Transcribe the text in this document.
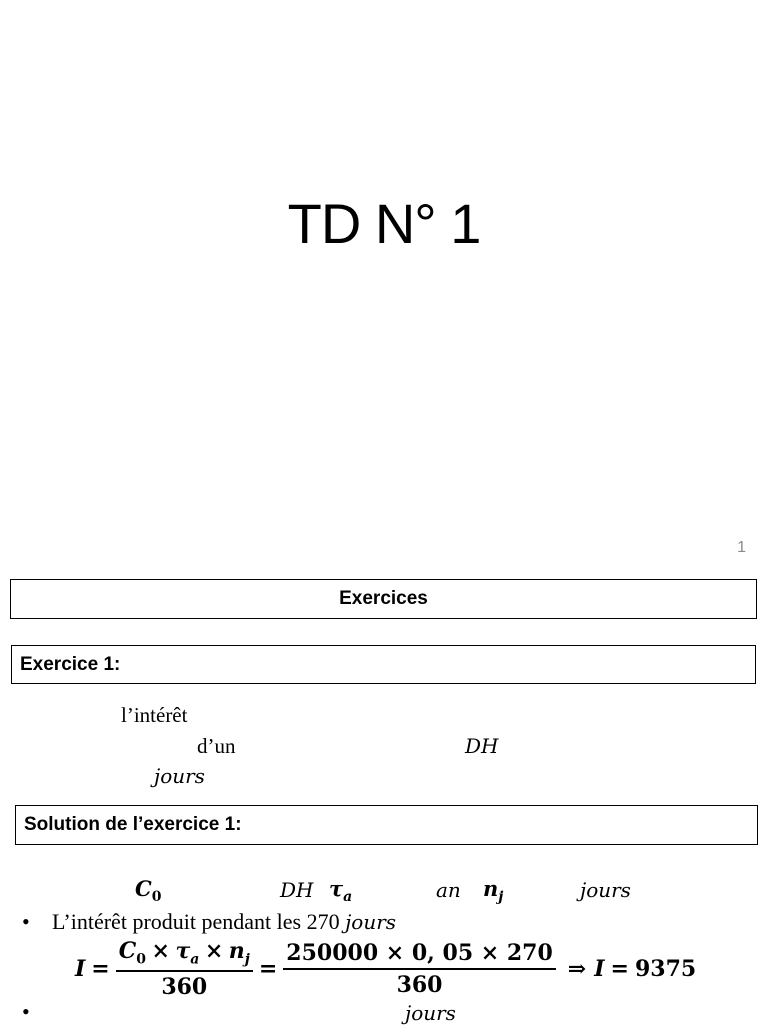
TD N° 1
1
Exercices
Exercice 1:
l’intérêt
d’un	DH
jours
Solution de l’exercice 1:
$C_0$	DH $\tau_a$	an $n_j$	jours
• L’intérêt produit pendant les 270 jours
$I = \frac{C_0 \times \tau_a \times n_j}{360} = \frac{250000 \times 0, 05 \times 270}{360}$ ⇒ I = 9375
•	jours
